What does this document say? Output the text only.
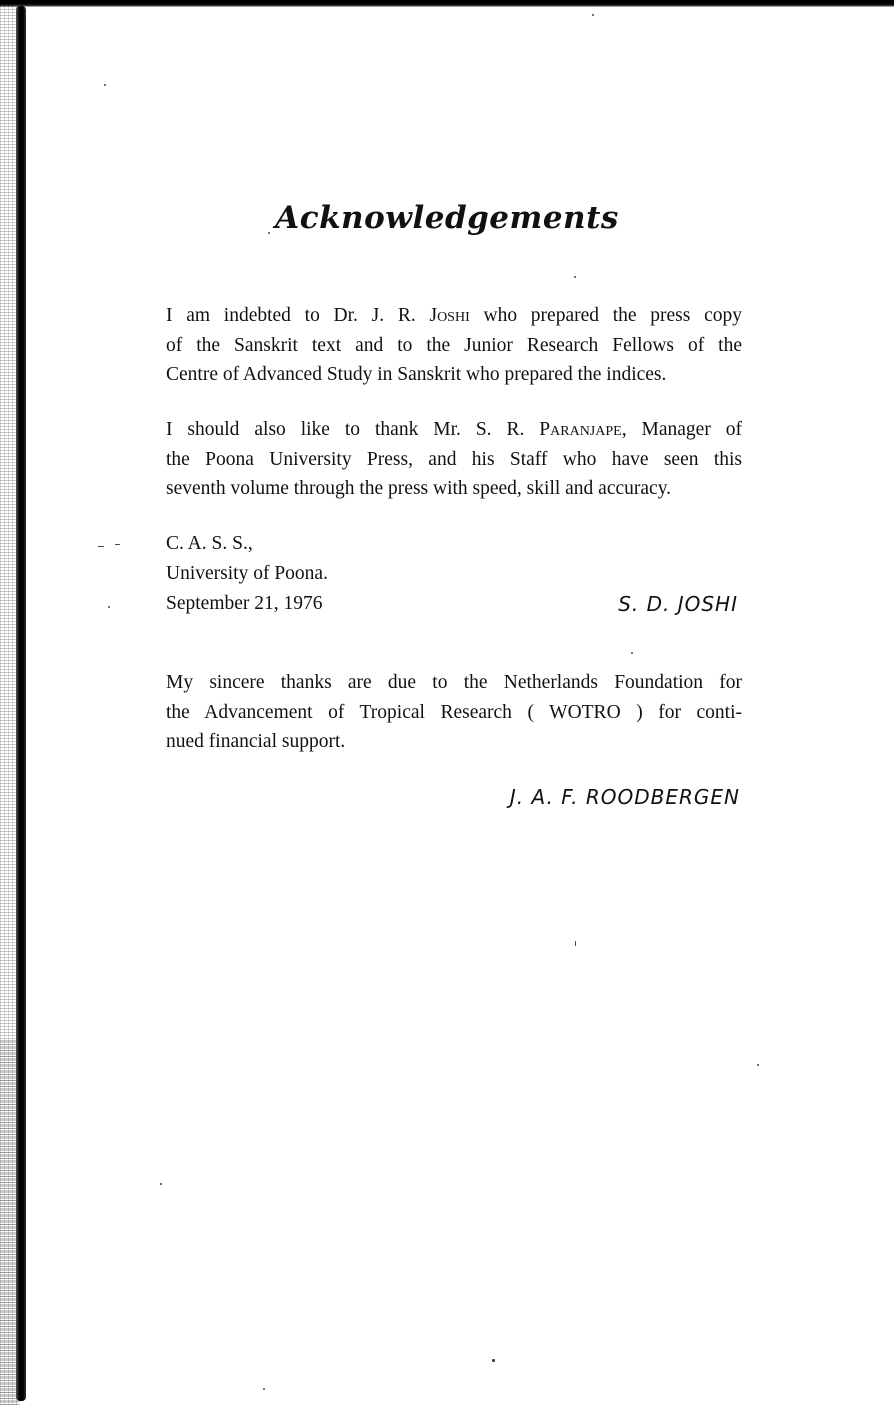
Acknowledgements
I am indebted to Dr. J. R. Joshi who prepared the press copy
of the Sanskrit text and to the Junior Research Fellows of the
Centre of Advanced Study in Sanskrit who prepared the indices.
I should also like to thank Mr. S. R. Paranjape, Manager of
the Poona University Press, and his Staff who have seen this
seventh volume through the press with speed, skill and accuracy.
C. A. S. S.,
University of Poona.
September 21, 1976	S. D. JOSHI
My sincere thanks are due to the Netherlands Foundation for
the Advancement of Tropical Research ( WOTRO ) for conti-
nued financial support.
J. A. F. ROODBERGEN
